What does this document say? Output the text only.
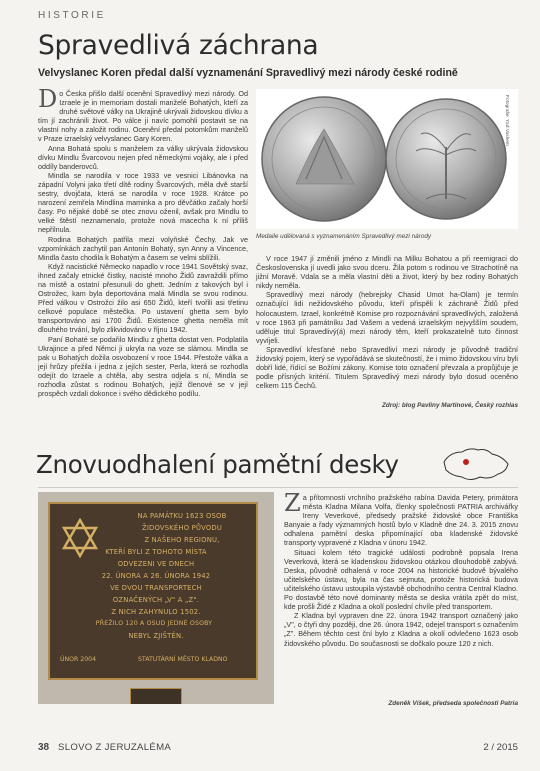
HISTORIE
Spravedlivá záchrana
Velvyslanec Koren předal další vyznamenání Spravedlivý mezi národy české rodině

Do Česka přišlo další ocenění Spravedlivý mezi národy. Od Izraele je in memoriam dostali manželé Bohatých, kteří za druhé světové války na Ukrajině ukrývali židovskou dívku a tím jí zachránili život. Po válce ji navíc pomohli postavit se na vlastní nohy a založit rodinu. Ocenění předal potomkům manželů v Praze izraelský velvyslanec Gary Koren.

Anna Bohatá spolu s manželem za války ukrývala židovskou dívku Mindlu Švarcovou nejen před německými vojáky, ale i před oddíly banderovců.

Mindla se narodila v roce 1933 ve vesnici Libánovka na západní Volyni jako třetí dítě rodiny Švarcových, měla dvě starší sestry, dvojčata, která se narodila v roce 1928. Krátce po narození zemřela Mindlina maminka a pro děvčátko začaly horší časy. Po nějaké době se otec znovu oženil, avšak pro Mindlu to velké štěstí neznamenalo, protože nová macecha k ní příliš nepřilnula.

Rodina Bohatých patřila mezi volyňské Čechy. Jak ve vzpomínkách zachytil pan Antonín Bohatý, syn Anny a Vincence, Mindla často chodila k Bohatým a časem se velmi sblížili.

Když nacistické Německo napadlo v roce 1941 Sovětský svaz, ihned začaly etnické čistky, nacisté mnoho Židů zavraždili přímo na místě a ostatní přesunuli do ghett. Jedním z takových byl i Ostrožec, kam byla deportována malá Mindla se svou rodinou. Před válkou v Ostrožci žilo asi 650 Židů, kteří tvořili asi třetinu celkové populace městečka. Po ustavení ghetta sem bylo transportováno asi 1700 Židů. Existence ghetta neměla mít dlouhého trvání, bylo zlikvidováno v říjnu 1942.

Paní Bohaté se podařilo Mindlu z ghetta dostat ven. Podplatila Ukrajince a před Němci ji ukryla na voze se slámou. Mindla se pak u Bohatých dožila osvobození v roce 1944. Přestože válka a její hrůzy přežila i jedna z jejích sester, Perla, která se rozhodla odejít do Izraele a chtěla, aby sestra odjela s ní, Mindla se rozhodla zůstat s rodinou Bohatých, jejíž členové se v její prospěch vzdali dokonce i svého dědického podílu.

Fotografie: Yad Vashem
Medaile udělovaná s vyznamenáním Spravedlivý mezi národy

V roce 1947 jí změnili jméno z Mindli na Milku Bohatou a při reemigraci do Československa jí uvedli jako svou dceru. Žila potom s rodinou ve Strachotíně na jižní Moravě. Vdala se a měla vlastní děti a život, který by bez rodiny Bohatých nikdy neměla.

Spravedlivý mezi národy (hebrejsky Chasid Umot ha-Olam) je termín označující lidi nežidovského původu, kteří přispěli k záchraně Židů před holocaustem. Izrael, konkrétně Komise pro rozpoznávání spravedlivých, založená v roce 1963 při památníku Jad Vašem a vedená izraelským nejvyšším soudem, uděluje titul Spravedlivý(á) mezi národy těm, kteří prokazatelně tuto činnost vyvíjeli.

Spravedliví křesťané nebo Spravedliví mezi národy je původně tradiční židovský pojem, který se vypořádává se skutečností, že i mimo židovskou víru byli dobří lidé, řídící se Božími zákony. Komise toto označení převzala a propůjčuje je podle přísných kritérií. Titulem Spravedlivý mezi národy bylo dosud oceněno celkem 115 Čechů.

Zdroj: blog Pavliny Martinové, Český rozhlas
Znovuodhalení pamětní desky
NA PAMÁTKU 1623 OSOB
ŽIDOVSKÉHO PŮVODU
Z NAŠEHO REGIONU,
KTEŘÍ BYLI Z TOHOTO MÍSTA
ODVEZENI VE DNECH
22. ÚNORA A 26. ÚNORA 1942
VE DVOU TRANSPORTECH
OZNAČENÝCH „V" A „Z".
Z NICH ZAHYNULO 1502.
PŘEŽILO 120 A OSUD JEDNÉ OSOBY
NEBYL ZJIŠTĚN.
ÚNOR 2004	STATUTÁRNÍ MĚSTO KLADNO

Za přítomnosti vrchního pražského rabína Davida Petery, primátora města Kladna Milana Volfa, členky společnosti PATRIA archivářky Ireny Veverkové, předsedy pražské židovské obce Františka Banyaie a řady významných hostů bylo v Kladně dne 24. 3. 2015 znovu odhalena pamětní deska připomínající oba kladenské židovské transporty vypravené z Kladna v únoru 1942.

Situaci kolem této tragické události podrobně popsala Irena Veverková, která se kladenskou židovskou otázkou dlouhodobě zabývá. Deska, původně odhalená v roce 2004 na historické budově bývalého učitelského ústavu, byla na čas sejmuta, protože historická budova učitelského ústavu ustoupila výstavbě obchodního centra Central Kladno. Po dostavbě této nové dominanty města se deska vrátila zpět do míst, kde prošli Židé z Kladna a okolí poslední chvíle před transportem.

Z Kladna byl vypraven dne 22. února 1942 transport označený jako „V", o čtyři dny později, dne 26. února 1942, odejel transport s označením „Z". Během těchto cest ční bylo z Kladna a okolí odvlečeno 1623 osob židovského původu. Do současnosti se dočkalo pouze 120 z nich.

Zdeněk Víšek, předseda společnosti Patria
38 SLOVO Z JERUZALÉMA	2 / 2015
